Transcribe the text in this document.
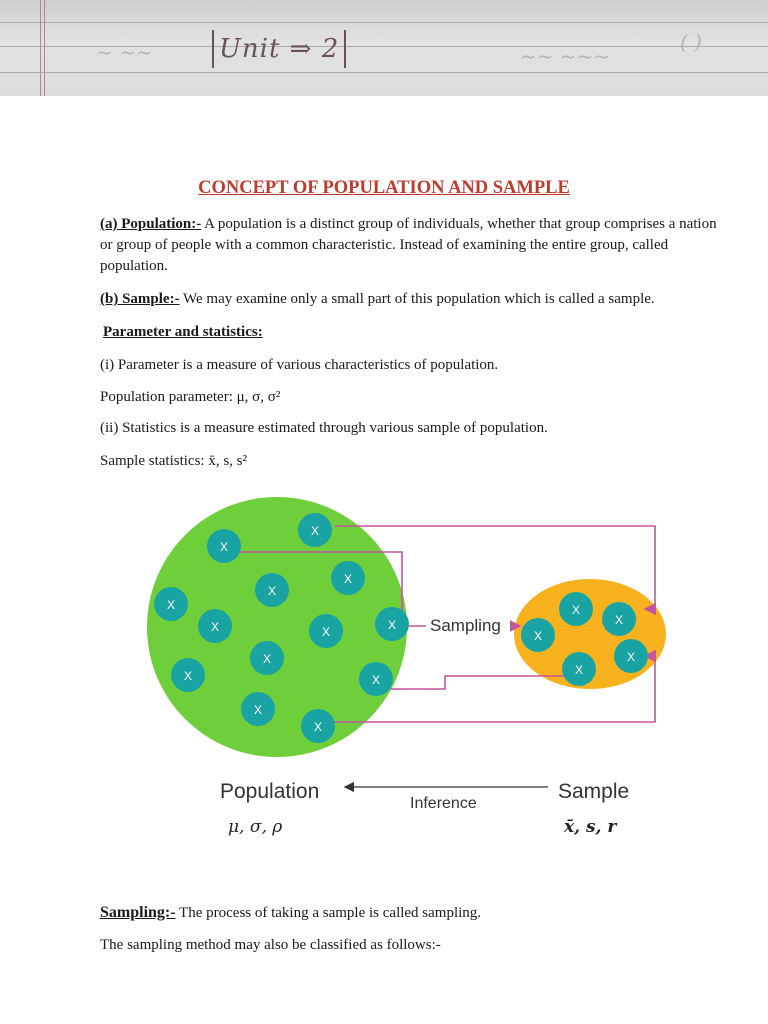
~ ~~	~~ ~~~
( )
Unit ⇒ 2
CONCEPT OF POPULATION AND SAMPLE

(a) Population:- A population is a distinct group of individuals, whether that group comprises a nation or group of people with a common characteristic. Instead of examining the entire group, called population.

(b) Sample:- We may examine only a small part of this population which is called a sample.

Parameter and statistics:

(i) Parameter is a measure of various characteristics of population.

Population parameter: μ, σ, σ²

(ii) Statistics is a measure estimated through various sample of population.

Sample statistics: x̄, s, s²

X
X
X
X
X
X	X	X
X
X	X
X
X
X
X
X
X
X
Sampling
Population
Inference
Sample
μ, σ, ρ	x̄, s, r

Sampling:- The process of taking a sample is called sampling.

The sampling method may also be classified as follows:-
